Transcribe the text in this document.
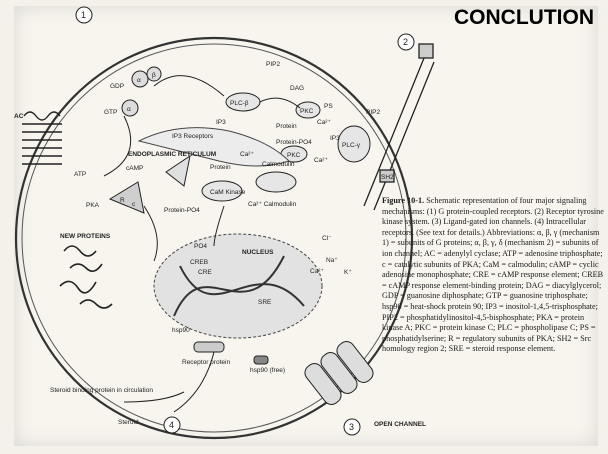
1
2
3
4
AC
GDP
GTP
α
β
α
PIP2
DAG
PLC-β
PKC
PS
Ca²⁺
Protein
Protein-PO4
IP3 Receptors
IP3
IP3
ENDOPLASMIC RETICULUM	Ca²⁺	PKC
Ca²⁺
PIP2
PLC-γ
SH2
ATP
cAMP
PKA
R
c
Protein
Protein-PO4
Calmodulin
CaM Kinase
Ca²⁺ Calmodulin
NEW PROTEINS
NUCLEUS
CREB
CRE
SRE
PO4
Cl⁻
Na⁺
Ca²⁺	K⁺
hsp90
Receptor protein
hsp90 (free)
Steroid binding protein in circulation
Steroid	OPEN CHANNEL
CONCLUTION

Figure 10-1. Schematic representation of four major signaling mechanisms: (1) G protein-coupled receptors. (2) Receptor tyrosine kinase system. (3) Ligand-gated ion channels. (4) Intracellular receptors. (See text for details.) Abbreviations: α, β, γ (mechanism 1) = subunits of G proteins; α, β, γ, δ (mechanism 2) = subunits of ion channel; AC = adenylyl cyclase; ATP = adenosine triphosphate; c = catalytic subunits of PKA; CaM = calmodulin; cAMP = cyclic adenosine monophosphate; CRE = cAMP response element; CREB = cAMP response element-binding protein; DAG = diacylglycerol; GDP = guanosine diphosphate; GTP = guanosine triphosphate; hsp90 = heat-shock protein 90; IP3 = inositol-1,4,5-trisphosphate; PIP2 = phosphatidylinositol-4,5-bisphosphate; PKA = protein kinase A; PKC = protein kinase C; PLC = phospholipase C; PS = phosphatidylserine; R = regulatory subunits of PKA; SH2 = Src homology region 2; SRE = steroid response element.
